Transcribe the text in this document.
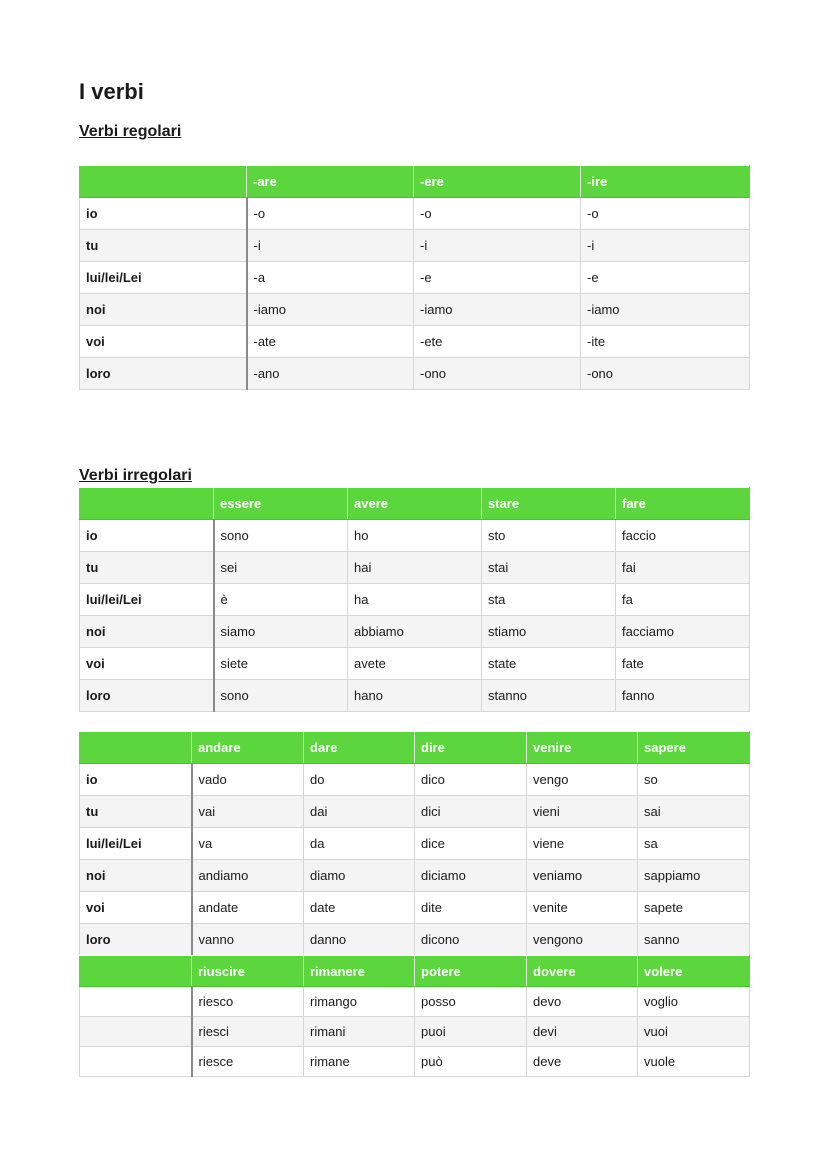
I verbi
Verbi regolari
	-are	-ere	-ire
io	-o	-o	-o
tu	-i	-i	-i
lui/lei/Lei	-a	-e	-e
noi	-iamo	-iamo	-iamo
voi	-ate	-ete	-ite
loro	-ano	-ono	-ono
Verbi irregolari
	essere	avere	stare	fare
io	sono	ho	sto	faccio
tu	sei	hai	stai	fai
lui/lei/Lei	è	ha	sta	fa
noi	siamo	abbiamo	stiamo	facciamo
voi	siete	avete	state	fate
loro	sono	hano	stanno	fanno
	andare	dare	dire	venire	sapere
io	vado	do	dico	vengo	so
tu	vai	dai	dici	vieni	sai
lui/lei/Lei	va	da	dice	viene	sa
noi	andiamo	diamo	diciamo	veniamo	sappiamo
voi	andate	date	dite	venite	sapete
loro	vanno	danno	dicono	vengono	sanno
	riuscire	rimanere	potere	dovere	volere
	riesco	rimango	posso	devo	voglio
	riesci	rimani	puoi	devi	vuoi
	riesce	rimane	può	deve	vuole
